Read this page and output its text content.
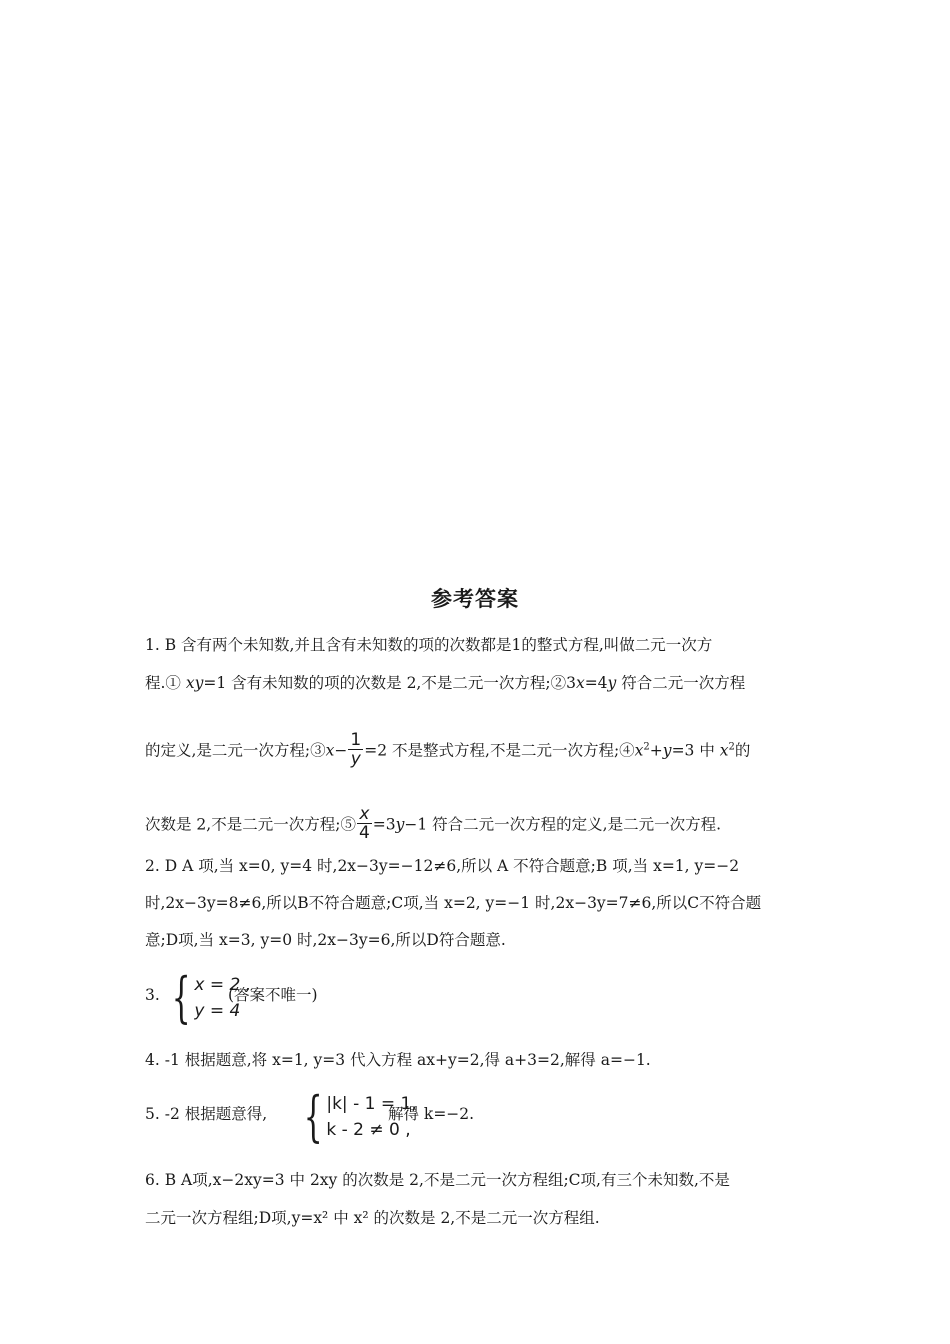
参考答案
1. B 含有两个未知数,并且含有未知数的项的次数都是1的整式方程,叫做二元一次方
程.① xy=1 含有未知数的项的次数是 2,不是二元一次方程;②3x=4y 符合二元一次方程
的定义,是二元一次方程;③x− $\frac{1}{y} =2$ 不是整式方程,不是二元一次方程$;④x^2+y=3$ 中 $x^2$的
次数是 2,不是二元一次方程;⑤ $\frac{x}{4} =3y-1$ 符合二元一次方程的定义,是二元一次方程.
2. D A 项,当 x=0, y=4 时,2x−3y=−12≠6,所以 A 不符合题意;B 项,当 x=1, y=−2
时,2x−3y=8≠6,所以B不符合题意;C项,当 x=2, y=−1 时,2x−3y=7≠6,所以C不符合题
意;D项,当 x=3, y=0 时,2x−3y=6,所以D符合题意.
3. { x = 2 ,
y = 4
(答案不唯一)
4. -1 根据题意,将 x=1, y=3 代入方程 ax+y=2,得 a+3=2,解得 a=−1.
5. -2 根据题意得, { |k| - 1 = 1,
k - 2 ≠ 0 ,
解得 k=−2.
6. B A项,x−2xy=3 中 2xy 的次数是 2,不是二元一次方程组;C项,有三个未知数,不是
二元一次方程组;D项,y=x² 中 x² 的次数是 2,不是二元一次方程组.
